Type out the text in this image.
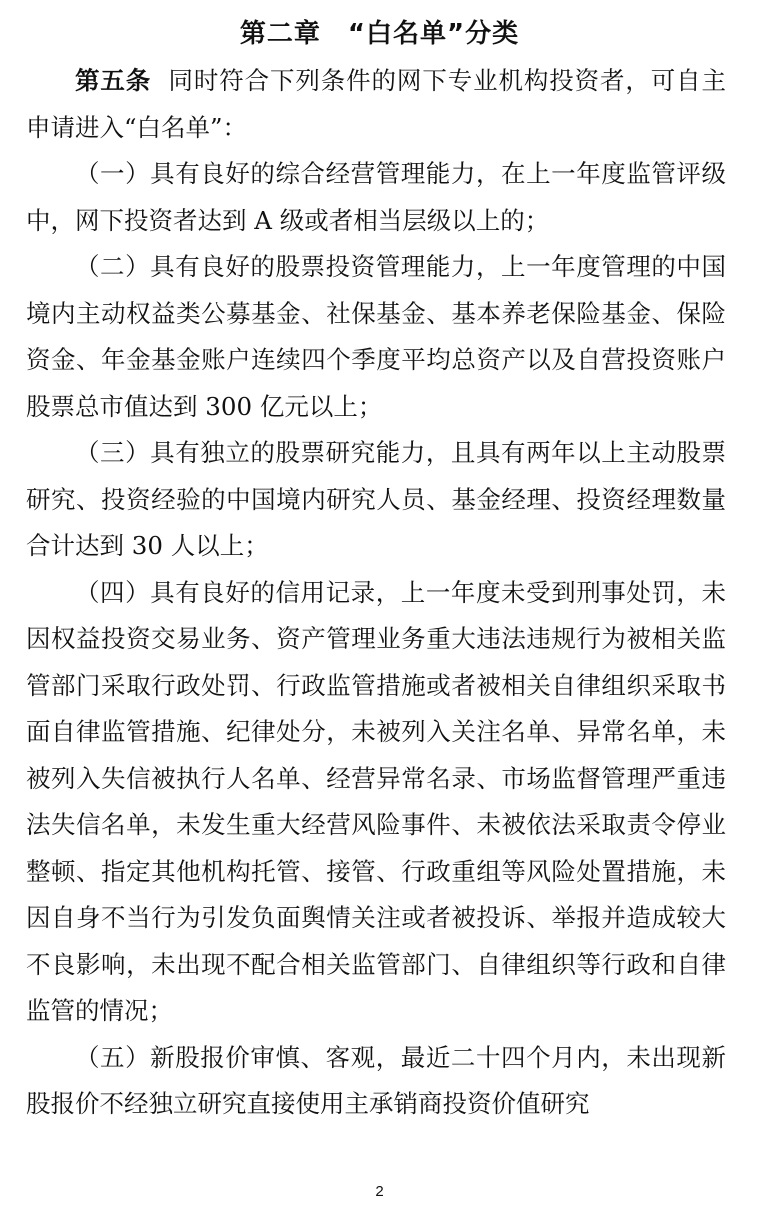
第二章　“白名单”分类

第五条 同时符合下列条件的网下专业机构投资者，可自主申请进入“白名单”：

（一）具有良好的综合经营管理能力，在上一年度监管评级中，网下投资者达到 A 级或者相当层级以上的；

（二）具有良好的股票投资管理能力，上一年度管理的中国境内主动权益类公募基金、社保基金、基本养老保险基金、保险资金、年金基金账户连续四个季度平均总资产以及自营投资账户股票总市值达到 300 亿元以上；

（三）具有独立的股票研究能力，且具有两年以上主动股票研究、投资经验的中国境内研究人员、基金经理、投资经理数量合计达到 30 人以上；

（四）具有良好的信用记录，上一年度未受到刑事处罚，未因权益投资交易业务、资产管理业务重大违法违规行为被相关监管部门采取行政处罚、行政监管措施或者被相关自律组织采取书面自律监管措施、纪律处分，未被列入关注名单、异常名单，未被列入失信被执行人名单、经营异常名录、市场监督管理严重违法失信名单，未发生重大经营风险事件、未被依法采取责令停业整顿、指定其他机构托管、接管、行政重组等风险处置措施，未因自身不当行为引发负面舆情关注或者被投诉、举报并造成较大不良影响，未出现不配合相关监管部门、自律组织等行政和自律监管的情况；

（五）新股报价审慎、客观，最近二十四个月内，未出现新股报价不经独立研究直接使用主承销商投资价值研究

2
